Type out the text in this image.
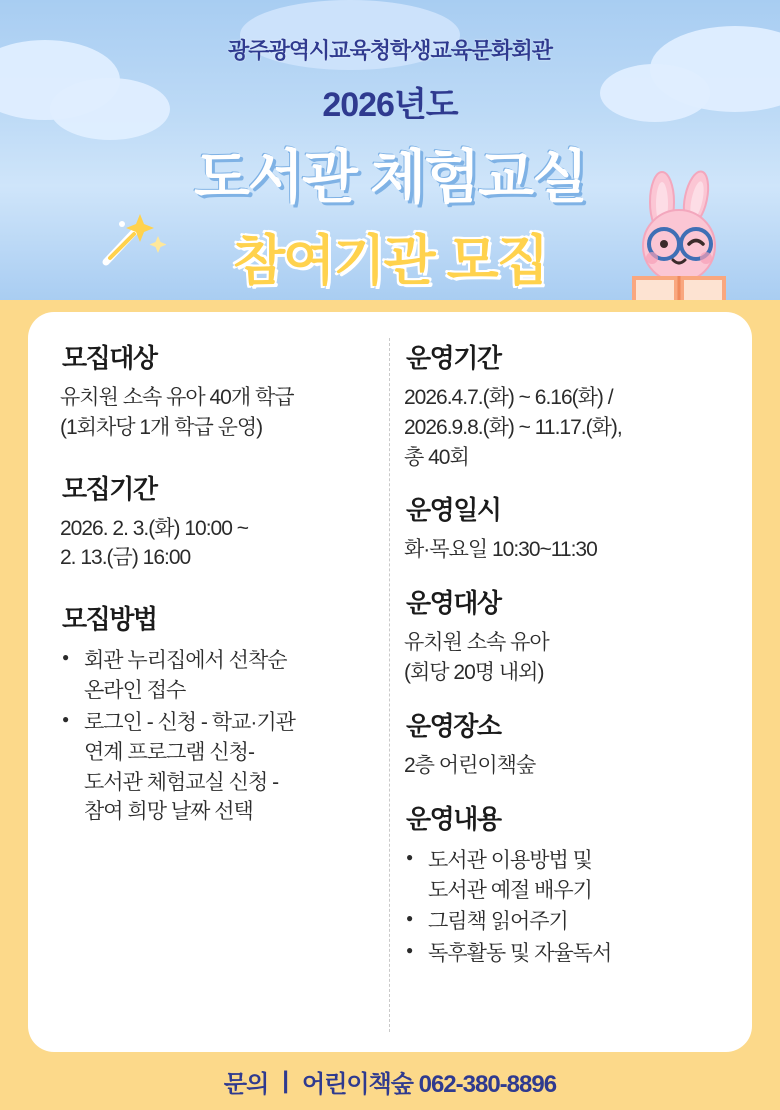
광주광역시교육청학생교육문화회관
2026년도
도서관 체험교실
참여기관 모집
모집대상
유치원 소속 유아 40개 학급
(1회차당 1개 학급 운영)
모집기간
2026. 2. 3.(화) 10:00 ~
2. 13.(금) 16:00
모집방법
● 회관 누리집에서 선착순
온라인 접수
● 로그인 - 신청 - 학교·기관
연계 프로그램 신청-
도서관 체험교실 신청 -
참여 희망 날짜 선택
운영기간
2026.4.7.(화) ~ 6.16(화) /
2026.9.8.(화) ~ 11.17.(화),
총 40회
운영일시
화·목요일 10:30~11:30
운영대상
유치원 소속 유아
(회당 20명 내외)
운영장소
2층 어린이책숲
운영내용
● 도서관 이용방법 및
도서관 예절 배우기
● 그림책 읽어주기
● 독후활동 및 자율독서
문의 | 어린이책숲 062-380-8896
